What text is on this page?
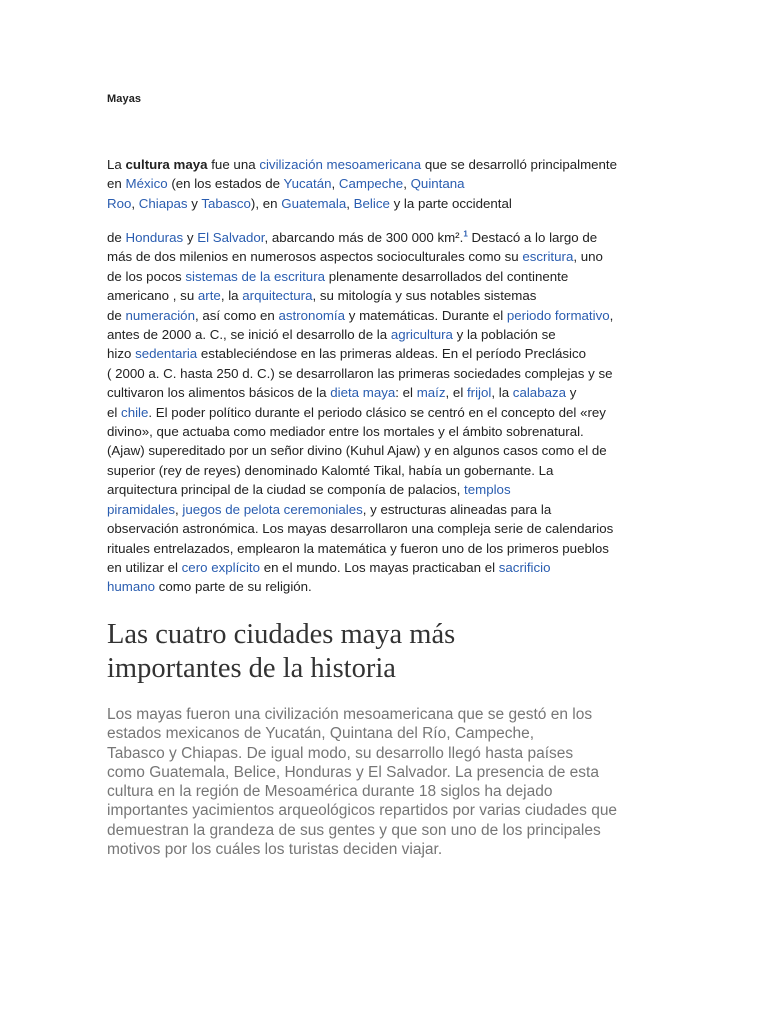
Mayas
La cultura maya fue una civilización mesoamericana que se desarrolló principalmente
en México (en los estados de Yucatán, Campeche, Quintana
Roo, Chiapas y Tabasco), en Guatemala, Belice y la parte occidental
de Honduras y El Salvador, abarcando más de 300 000 km².$^1$ Destacó a lo largo de
más de dos milenios en numerosos aspectos socioculturales como su escritura, uno
de los pocos sistemas de la escritura plenamente desarrollados del continente
americano , su arte, la arquitectura, su mitología y sus notables sistemas
de numeración, así como en astronomía y matemáticas. Durante el periodo formativo,
antes de 2000 a. C., se inició el desarrollo de la agricultura y la población se
hizo sedentaria estableciéndose en las primeras aldeas. En el período Preclásico
( 2000 a. C. hasta 250 d. C.) se desarrollaron las primeras sociedades complejas y se
cultivaron los alimentos básicos de la dieta maya: el maíz, el frijol, la calabaza y
el chile. El poder político durante el periodo clásico se centró en el concepto del «rey
divino», que actuaba como mediador entre los mortales y el ámbito sobrenatural.
(Ajaw) supereditado por un señor divino (Kuhul Ajaw) y en algunos casos como el de
superior (rey de reyes) denominado Kalomté Tikal, había un gobernante. La
arquitectura principal de la ciudad se componía de palacios, templos
piramidales, juegos de pelota ceremoniales, y estructuras alineadas para la
observación astronómica. Los mayas desarrollaron una compleja serie de calendarios
rituales entrelazados, emplearon la matemática y fueron uno de los primeros pueblos
en utilizar el cero explícito en el mundo. Los mayas practicaban el sacrificio
humano como parte de su religión.
Las cuatro ciudades maya más
importantes de la historia
Los mayas fueron una civilización mesoamericana que se gestó en los
estados mexicanos de Yucatán, Quintana del Río, Campeche,
Tabasco y Chiapas. De igual modo, su desarrollo llegó hasta países
como Guatemala, Belice, Honduras y El Salvador. La presencia de esta
cultura en la región de Mesoamérica durante 18 siglos ha dejado
importantes yacimientos arqueológicos repartidos por varias ciudades que
demuestran la grandeza de sus gentes y que son uno de los principales
motivos por los cuáles los turistas deciden viajar.
